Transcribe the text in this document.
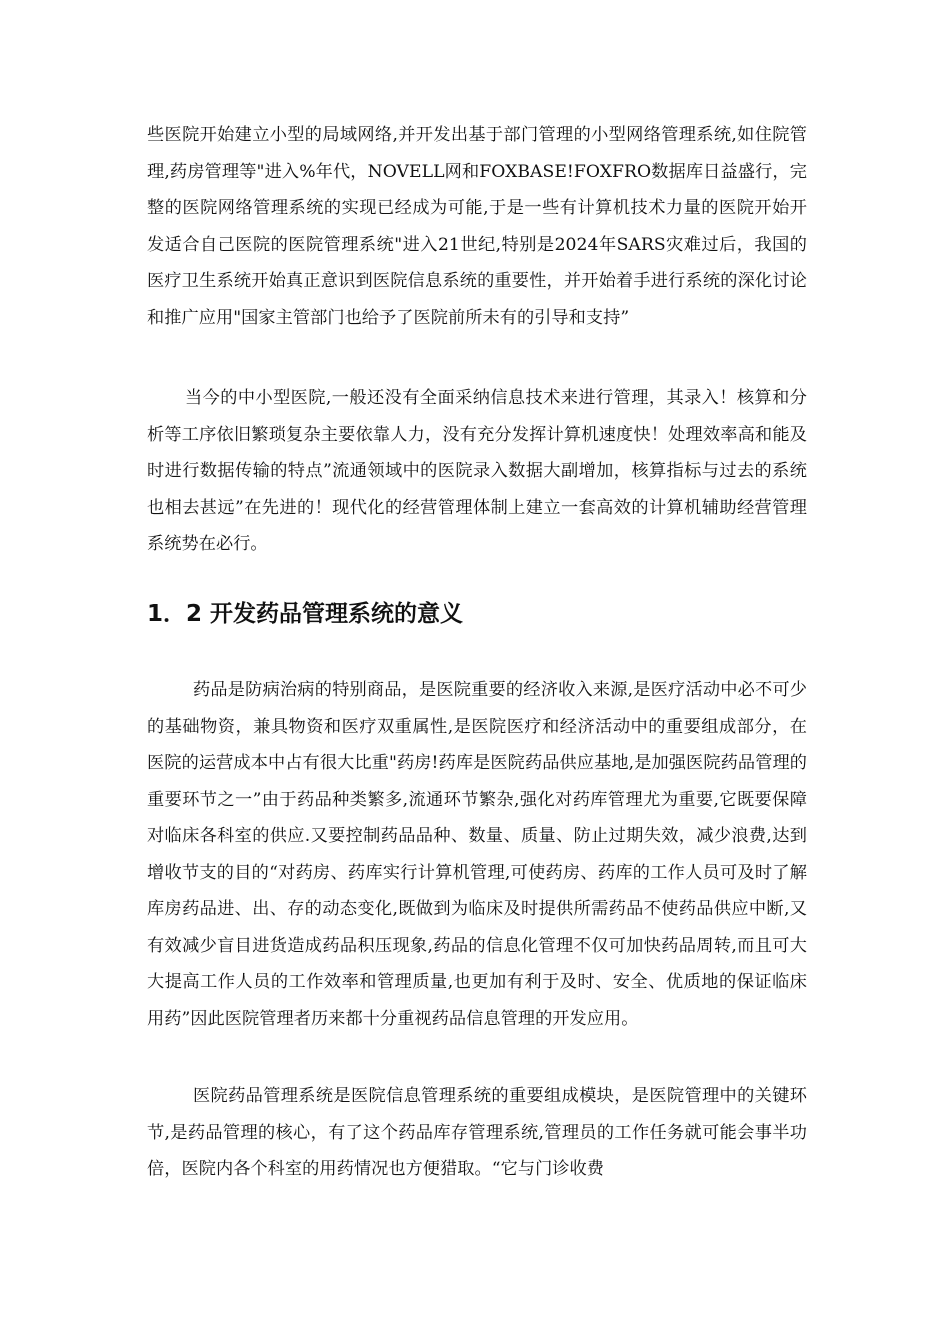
些医院开始建立小型的局域网络,并开发出基于部门管理的小型网络管理系统,如住院管理,药房管理等"进入%年代，NOVELL网和FOXBASE!FOXFRO数据库日益盛行，完整的医院网络管理系统的实现已经成为可能,于是一些有计算机技术力量的医院开始开发适合自己医院的医院管理系统"进入21世纪,特别是2024年SARS灾难过后，我国的医疗卫生系统开始真正意识到医院信息系统的重要性，并开始着手进行系统的深化讨论和推广应用"国家主管部门也给予了医院前所未有的引导和支持”

当今的中小型医院,一般还没有全面采纳信息技术来进行管理，其录入！核算和分析等工序依旧繁琐复杂主要依靠人力，没有充分发挥计算机速度快！处理效率高和能及时进行数据传输的特点”流通领域中的医院录入数据大副增加，核算指标与过去的系统也相去甚远”在先进的！现代化的经营管理体制上建立一套高效的计算机辅助经营管理系统势在必行。

1．2 开发药品管理系统的意义

药品是防病治病的特别商品，是医院重要的经济收入来源,是医疗活动中必不可少的基础物资，兼具物资和医疗双重属性,是医院医疗和经济活动中的重要组成部分，在医院的运营成本中占有很大比重"药房!药库是医院药品供应基地,是加强医院药品管理的重要环节之一”由于药品种类繁多,流通环节繁杂,强化对药库管理尤为重要,它既要保障对临床各科室的供应.又要控制药品品种、数量、质量、防止过期失效，减少浪费,达到增收节支的目的“对药房、药库实行计算机管理,可使药房、药库的工作人员可及时了解库房药品进、出、存的动态变化,既做到为临床及时提供所需药品不使药品供应中断,又有效减少盲目进货造成药品积压现象,药品的信息化管理不仅可加快药品周转,而且可大大提高工作人员的工作效率和管理质量,也更加有利于及时、安全、优质地的保证临床用药”因此医院管理者历来都十分重视药品信息管理的开发应用。

医院药品管理系统是医院信息管理系统的重要组成模块，是医院管理中的关键环节,是药品管理的核心，有了这个药品库存管理系统,管理员的工作任务就可能会事半功倍，医院内各个科室的用药情况也方便猎取。“它与门诊收费
